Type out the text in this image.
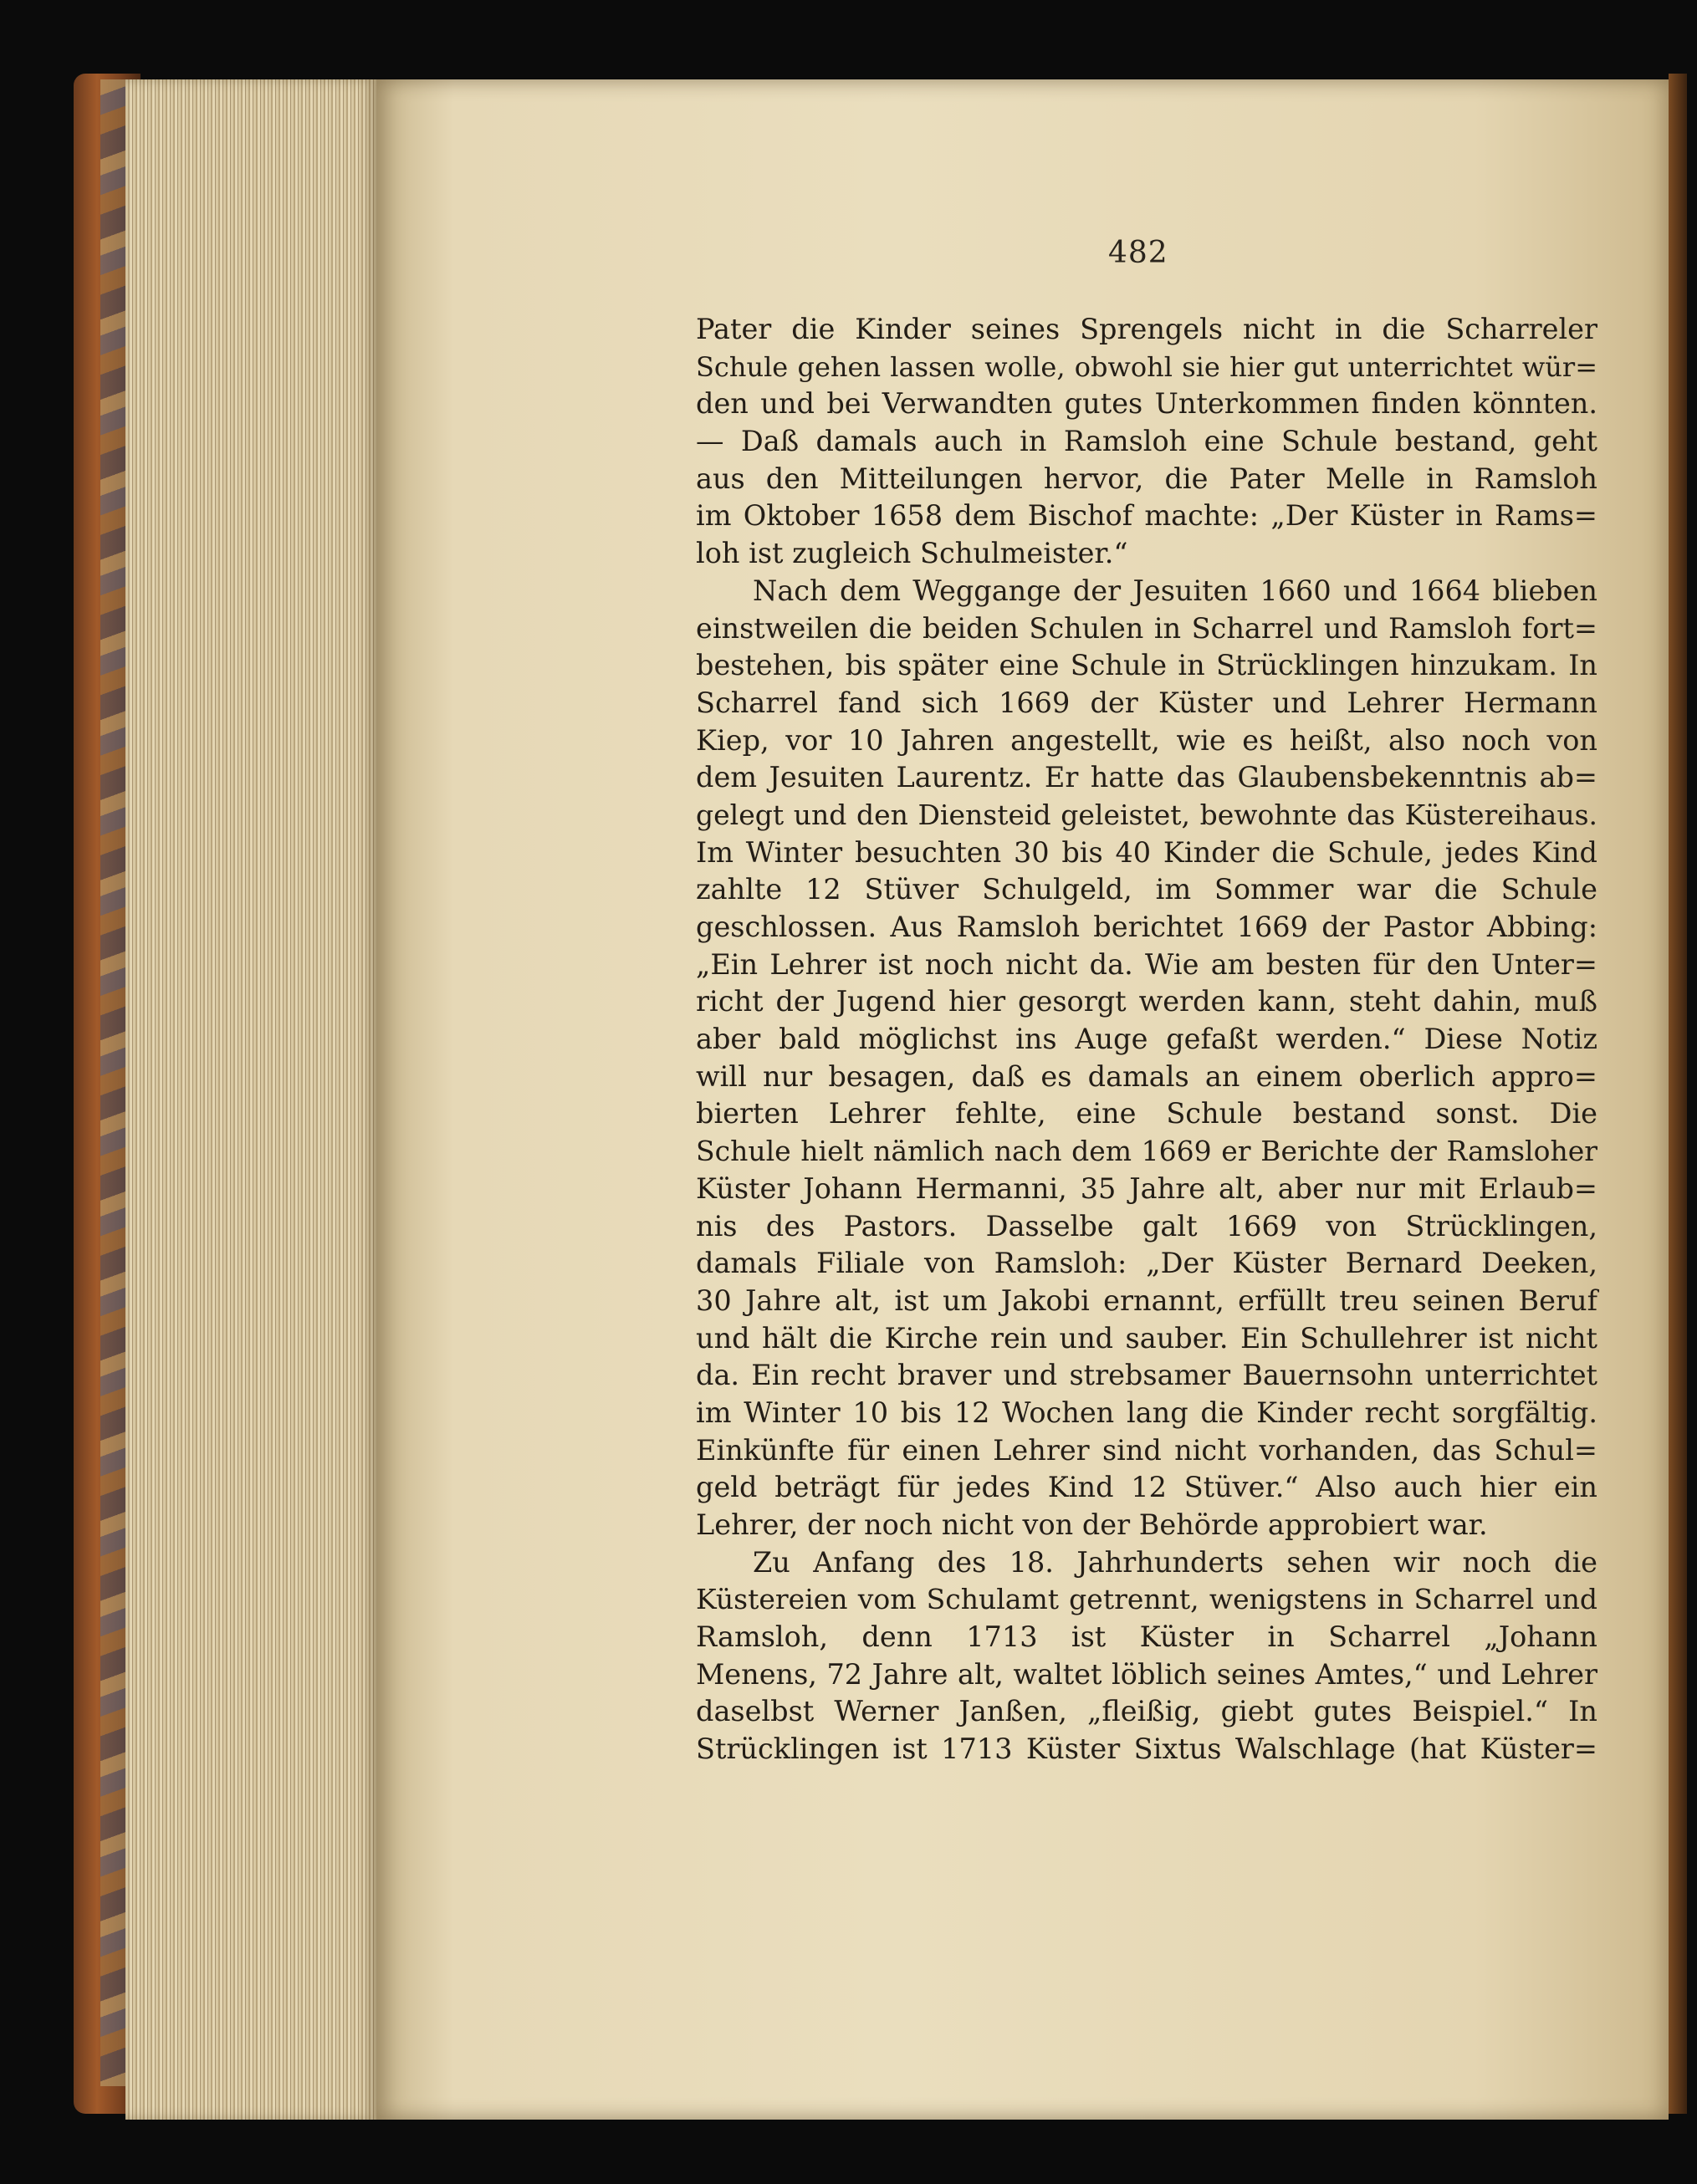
482
Pater die Kinder seines Sprengels nicht in die Scharreler
Schule gehen lassen wolle, obwohl sie hier gut unterrichtet wür=
den und bei Verwandten gutes Unterkommen finden könnten.
— Daß damals auch in Ramsloh eine Schule bestand, geht
aus den Mitteilungen hervor, die Pater Melle in Ramsloh
im Oktober 1658 dem Bischof machte: „Der Küster in Rams=
loh ist zugleich Schulmeister.“
Nach dem Weggange der Jesuiten 1660 und 1664 blieben
einstweilen die beiden Schulen in Scharrel und Ramsloh fort=
bestehen, bis später eine Schule in Strücklingen hinzukam. In
Scharrel fand sich 1669 der Küster und Lehrer Hermann
Kiep, vor 10 Jahren angestellt, wie es heißt, also noch von
dem Jesuiten Laurentz. Er hatte das Glaubensbekenntnis ab=
gelegt und den Diensteid geleistet, bewohnte das Küstereihaus.
Im Winter besuchten 30 bis 40 Kinder die Schule, jedes Kind
zahlte 12 Stüver Schulgeld, im Sommer war die Schule
geschlossen. Aus Ramsloh berichtet 1669 der Pastor Abbing:
„Ein Lehrer ist noch nicht da. Wie am besten für den Unter=
richt der Jugend hier gesorgt werden kann, steht dahin, muß
aber bald möglichst ins Auge gefaßt werden.“ Diese Notiz
will nur besagen, daß es damals an einem oberlich appro=
bierten Lehrer fehlte, eine Schule bestand sonst. Die
Schule hielt nämlich nach dem 1669 er Berichte der Ramsloher
Küster Johann Hermanni, 35 Jahre alt, aber nur mit Erlaub=
nis des Pastors. Dasselbe galt 1669 von Strücklingen,
damals Filiale von Ramsloh: „Der Küster Bernard Deeken,
30 Jahre alt, ist um Jakobi ernannt, erfüllt treu seinen Beruf
und hält die Kirche rein und sauber. Ein Schullehrer ist nicht
da. Ein recht braver und strebsamer Bauernsohn unterrichtet
im Winter 10 bis 12 Wochen lang die Kinder recht sorgfältig.
Einkünfte für einen Lehrer sind nicht vorhanden, das Schul=
geld beträgt für jedes Kind 12 Stüver.“ Also auch hier ein
Lehrer, der noch nicht von der Behörde approbiert war.
Zu Anfang des 18. Jahrhunderts sehen wir noch die
Küstereien vom Schulamt getrennt, wenigstens in Scharrel und
Ramsloh, denn 1713 ist Küster in Scharrel „Johann
Menens, 72 Jahre alt, waltet löblich seines Amtes,“ und Lehrer
daselbst Werner Janßen, „fleißig, giebt gutes Beispiel.“ In
Strücklingen ist 1713 Küster Sixtus Walschlage (hat Küster=
